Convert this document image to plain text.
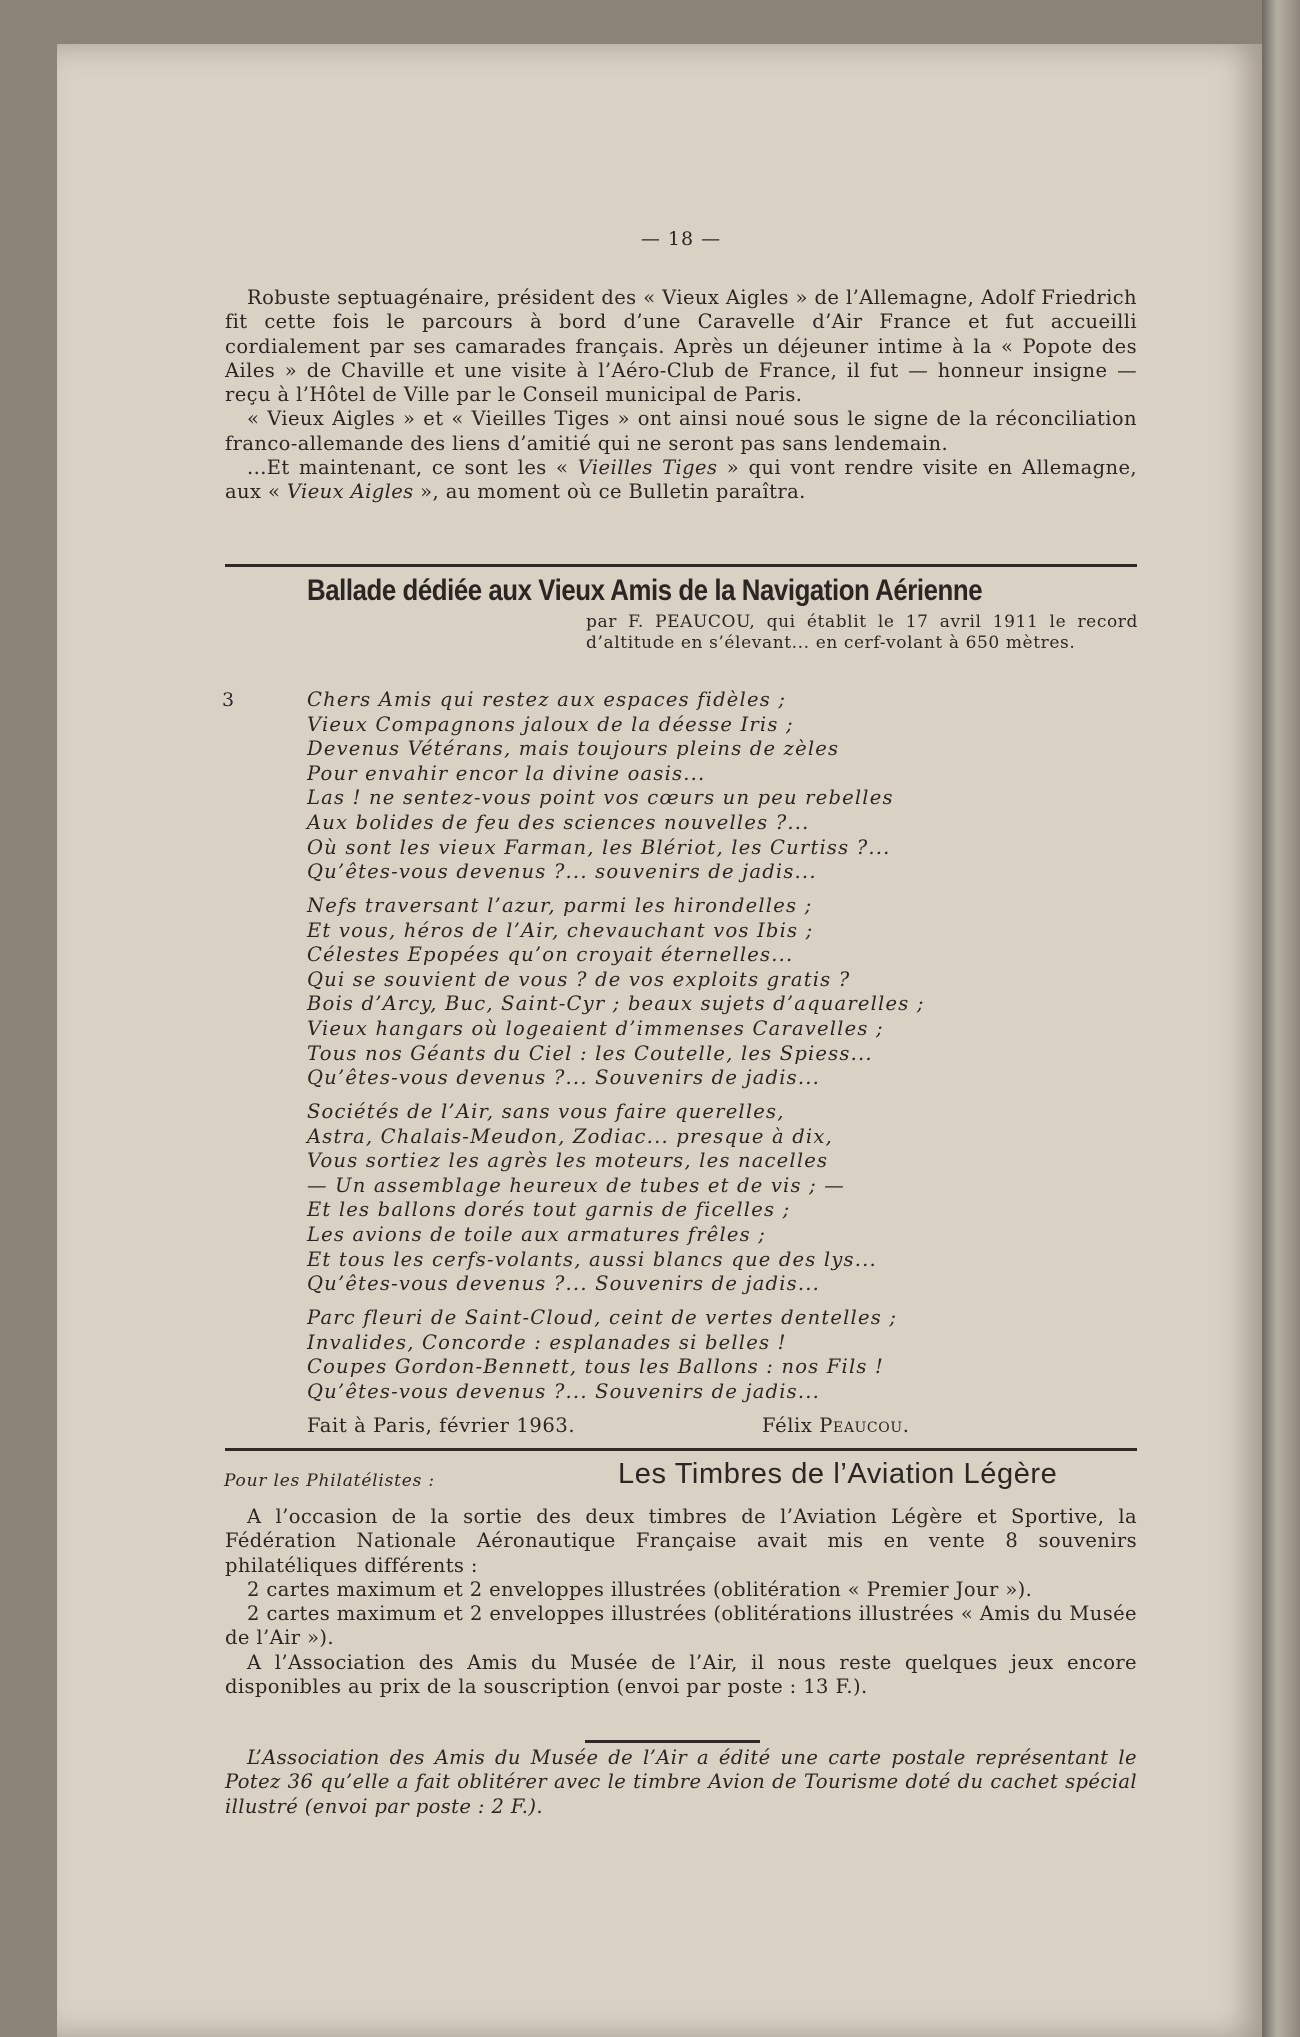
— 18 —

Robuste septuagénaire, président des « Vieux Aigles » de l’Allemagne, Adolf Friedrich fit cette fois le parcours à bord d’une Caravelle d’Air France et fut accueilli cordialement par ses camarades français. Après un déjeuner intime à la « Popote des Ailes » de Chaville et une visite à l’Aéro-Club de France, il fut — honneur insigne — reçu à l’Hôtel de Ville par le Conseil municipal de Paris.

« Vieux Aigles » et « Vieilles Tiges » ont ainsi noué sous le signe de la réconciliation franco-allemande des liens d’amitié qui ne seront pas sans lendemain.

...Et maintenant, ce sont les « Vieilles Tiges » qui vont rendre visite en Allemagne, aux « Vieux Aigles », au moment où ce Bulletin paraîtra.

Ballade dédiée aux Vieux Amis de la Navigation Aérienne
par F. PEAUCOU, qui établit le 17 avril 1911 le record d’altitude en s’élevant... en cerf-volant à 650 mètres.
3	Chers Amis qui restez aux espaces fidèles ;
Vieux Compagnons jaloux de la déesse Iris ;
Devenus Vétérans, mais toujours pleins de zèles
Pour envahir encor la divine oasis...
Las ! ne sentez-vous point vos cœurs un peu rebelles
Aux bolides de feu des sciences nouvelles ?...
Où sont les vieux Farman, les Blériot, les Curtiss ?...
Qu’êtes-vous devenus ?... souvenirs de jadis...
Nefs traversant l’azur, parmi les hirondelles ;
Et vous, héros de l’Air, chevauchant vos Ibis ;
Célestes Epopées qu’on croyait éternelles...
Qui se souvient de vous ? de vos exploits gratis ?
Bois d’Arcy, Buc, Saint-Cyr ; beaux sujets d’aquarelles ;
Vieux hangars où logeaient d’immenses Caravelles ;
Tous nos Géants du Ciel : les Coutelle, les Spiess...
Qu’êtes-vous devenus ?... Souvenirs de jadis...
Sociétés de l’Air, sans vous faire querelles,
Astra, Chalais-Meudon, Zodiac... presque à dix,
Vous sortiez les agrès les moteurs, les nacelles
— Un assemblage heureux de tubes et de vis ; —
Et les ballons dorés tout garnis de ficelles ;
Les avions de toile aux armatures frêles ;
Et tous les cerfs-volants, aussi blancs que des lys...
Qu’êtes-vous devenus ?... Souvenirs de jadis...
Parc fleuri de Saint-Cloud, ceint de vertes dentelles ;
Invalides, Concorde : esplanades si belles !
Coupes Gordon-Bennett, tous les Ballons : nos Fils !
Qu’êtes-vous devenus ?... Souvenirs de jadis...
Fait à Paris, février 1963.	Félix Peaucou.
Pour les Philatélistes :	Les Timbres de l’Aviation Légère

A l’occasion de la sortie des deux timbres de l’Aviation Légère et Sportive, la Fédération Nationale Aéronautique Française avait mis en vente 8 souvenirs philatéliques différents :

2 cartes maximum et 2 enveloppes illustrées (oblitération « Premier Jour »).

2 cartes maximum et 2 enveloppes illustrées (oblitérations illustrées « Amis du Musée de l’Air »).

A l’Association des Amis du Musée de l’Air, il nous reste quelques jeux encore disponibles au prix de la souscription (envoi par poste : 13 F.).

L’Association des Amis du Musée de l’Air a édité une carte postale représentant le Potez 36 qu’elle a fait oblitérer avec le timbre Avion de Tourisme doté du cachet spécial illustré (envoi par poste : 2 F.).
